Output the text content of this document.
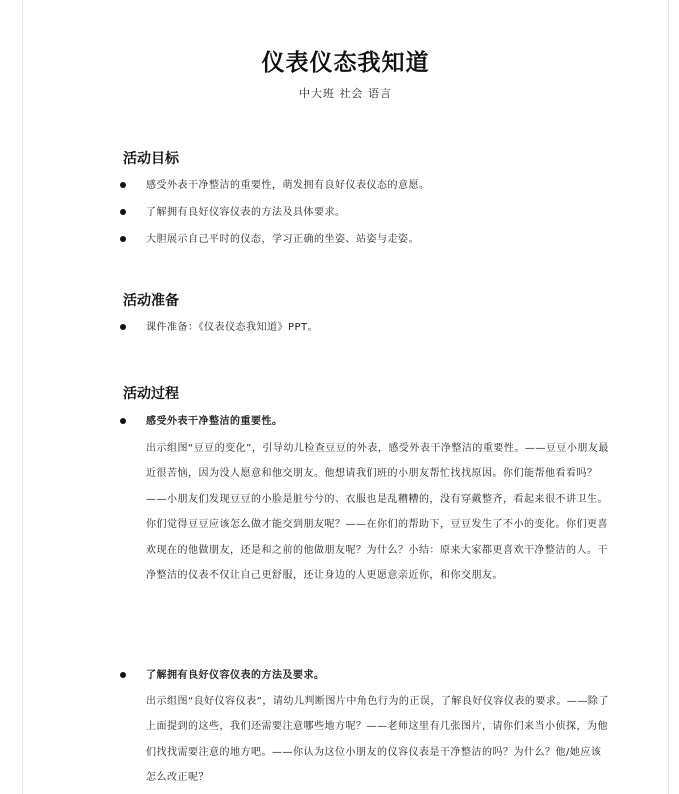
仪表仪态我知道
中大班 社会 语言
活动目标
感受外表干净整洁的重要性，萌发拥有良好仪表仪态的意愿。
了解拥有良好仪容仪表的方法及具体要求。
大胆展示自己平时的仪态，学习正确的坐姿、站姿与走姿。
活动准备
课件准备：《仪表仪态我知道》PPT。
活动过程
感受外表干净整洁的重要性。

出示组图“豆豆的变化”，引导幼儿检查豆豆的外表，感受外表干净整洁的重要性。——豆豆小朋友最近很苦恼，因为没人愿意和他交朋友。他想请我们班的小朋友帮忙找找原因。你们能帮他看看吗？——小朋友们发现豆豆的小脸是脏兮兮的、衣服也是乱糟糟的，没有穿戴整齐，看起来很不讲卫生。你们觉得豆豆应该怎么做才能交到朋友呢？——在你们的帮助下，豆豆发生了不小的变化。你们更喜欢现在的他做朋友，还是和之前的他做朋友呢？为什么？小结：原来大家都更喜欢干净整洁的人。干净整洁的仪表不仅让自己更舒服，还让身边的人更愿意亲近你，和你交朋友。

了解拥有良好仪容仪表的方法及要求。

出示组图“良好仪容仪表”，请幼儿判断图片中角色行为的正误，了解良好仪容仪表的要求。——除了上面提到的这些，我们还需要注意哪些地方呢？——老师这里有几张图片，请你们来当小侦探，为他们找找需要注意的地方吧。——你认为这位小朋友的仪容仪表是干净整洁的吗？为什么？他/她应该怎么改正呢？
